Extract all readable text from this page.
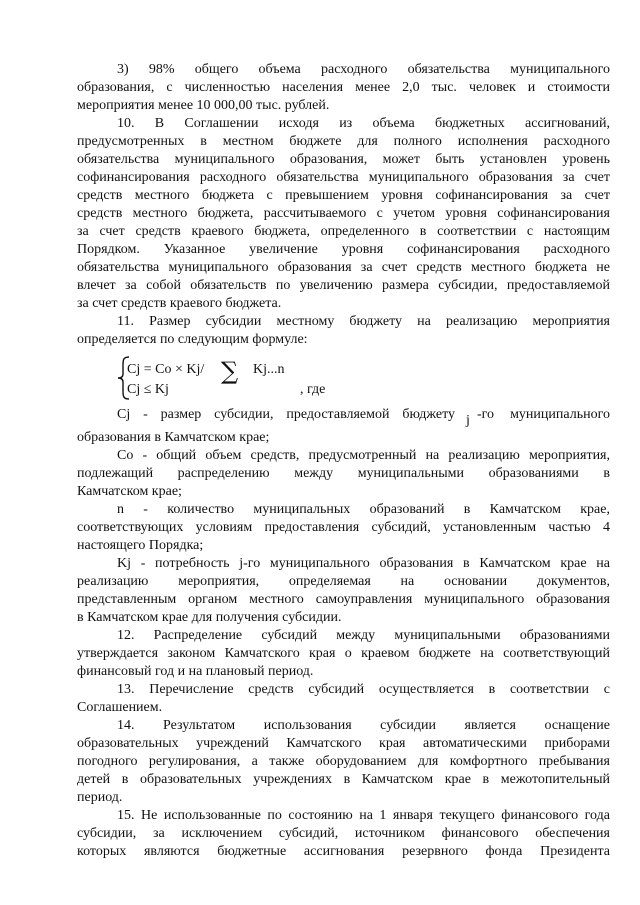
3) 98% общего объема расходного обязательства муниципального
образования, с численностью населения менее 2,0 тыс. человек и стоимости
мероприятия менее 10 000,00 тыс. рублей.
10. В Соглашении исходя из объема бюджетных ассигнований,
предусмотренных в местном бюджете для полного исполнения расходного
обязательства муниципального образования, может быть установлен уровень
софинансирования расходного обязательства муниципального образования за счет
средств местного бюджета с превышением уровня софинансирования за счет
средств местного бюджета, рассчитываемого с учетом уровня софинансирования
за счет средств краевого бюджета, определенного в соответствии с настоящим
Порядком. Указанное увеличение уровня софинансирования расходного
обязательства муниципального образования за счет средств местного бюджета не
влечет за собой обязательств по увеличению размера субсидии, предоставляемой
за счет средств краевого бюджета.
11. Размер субсидии местному бюджету на реализацию мероприятия
определяется по следующим формуле:
Cj = Co × Kj/ ∑ Kj...n
Cj ≤ Kj	, где
Cj - размер субсидии, предоставляемой бюджету j -го муниципального
образования в Камчатском крае;
Co - общий объем средств, предусмотренный на реализацию мероприятия,
подлежащий распределению между муниципальными образованиями в
Камчатском крае;
n - количество муниципальных образований в Камчатском крае,
соответствующих условиям предоставления субсидий, установленным частью 4
настоящего Порядка;
Kj - потребность j-го муниципального образования в Камчатском крае на
реализацию мероприятия, определяемая на основании документов,
представленным органом местного самоуправления муниципального образования
в Камчатском крае для получения субсидии.
12. Распределение субсидий между муниципальными образованиями
утверждается законом Камчатского края о краевом бюджете на соответствующий
финансовый год и на плановый период.
13. Перечисление средств субсидий осуществляется в соответствии с
Соглашением.
14. Результатом использования субсидии является оснащение
образовательных учреждений Камчатского края автоматическими приборами
погодного регулирования, а также оборудованием для комфортного пребывания
детей в образовательных учреждениях в Камчатском крае в межотопительный
период.
15. Не использованные по состоянию на 1 января текущего финансового года
субсидии, за исключением субсидий, источником финансового обеспечения
которых являются бюджетные ассигнования резервного фонда Президента
